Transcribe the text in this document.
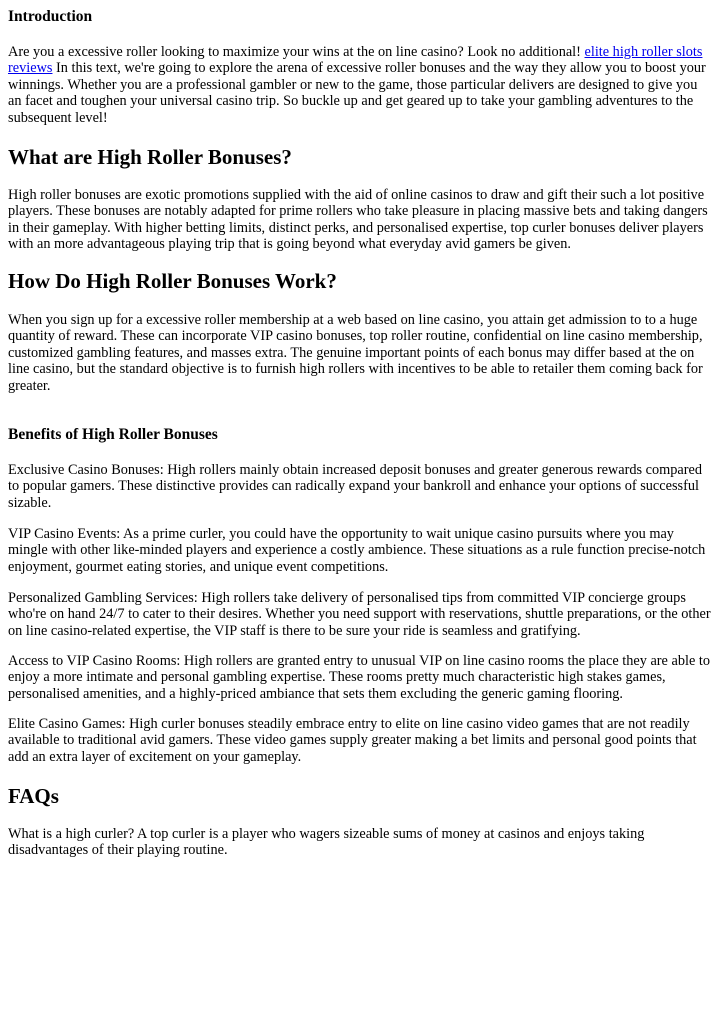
Introduction

Are you a excessive roller looking to maximize your wins at the on line casino? Look no additional! elite high roller slots reviews In this text, we're going to explore the arena of excessive roller bonuses and the way they allow you to boost your winnings. Whether you are a professional gambler or new to the game, those particular delivers are designed to give you an facet and toughen your universal casino trip. So buckle up and get geared up to take your gambling adventures to the subsequent level!

What are High Roller Bonuses?

High roller bonuses are exotic promotions supplied with the aid of online casinos to draw and gift their such a lot positive players. These bonuses are notably adapted for prime rollers who take pleasure in placing massive bets and taking dangers in their gameplay. With higher betting limits, distinct perks, and personalised expertise, top curler bonuses deliver players with an more advantageous playing trip that is going beyond what everyday avid gamers be given.

How Do High Roller Bonuses Work?

When you sign up for a excessive roller membership at a web based on line casino, you attain get admission to to a huge quantity of reward. These can incorporate VIP casino bonuses, top roller routine, confidential on line casino membership, customized gambling features, and masses extra. The genuine important points of each bonus may differ based at the on line casino, but the standard objective is to furnish high rollers with incentives to be able to retailer them coming back for greater.

Benefits of High Roller Bonuses

Exclusive Casino Bonuses: High rollers mainly obtain increased deposit bonuses and greater generous rewards compared to popular gamers. These distinctive provides can radically expand your bankroll and enhance your options of successful sizable.

VIP Casino Events: As a prime curler, you could have the opportunity to wait unique casino pursuits where you may mingle with other like-minded players and experience a costly ambience. These situations as a rule function precise-notch enjoyment, gourmet eating stories, and unique event competitions.

Personalized Gambling Services: High rollers take delivery of personalised tips from committed VIP concierge groups who're on hand 24/7 to cater to their desires. Whether you need support with reservations, shuttle preparations, or the other on line casino-related expertise, the VIP staff is there to be sure your ride is seamless and gratifying.

Access to VIP Casino Rooms: High rollers are granted entry to unusual VIP on line casino rooms the place they are able to enjoy a more intimate and personal gambling expertise. These rooms pretty much characteristic high stakes games, personalised amenities, and a highly-priced ambiance that sets them excluding the generic gaming flooring.

Elite Casino Games: High curler bonuses steadily embrace entry to elite on line casino video games that are not readily available to traditional avid gamers. These video games supply greater making a bet limits and personal good points that add an extra layer of excitement on your gameplay.

FAQs

What is a high curler? A top curler is a player who wagers sizeable sums of money at casinos and enjoys taking disadvantages of their playing routine.
